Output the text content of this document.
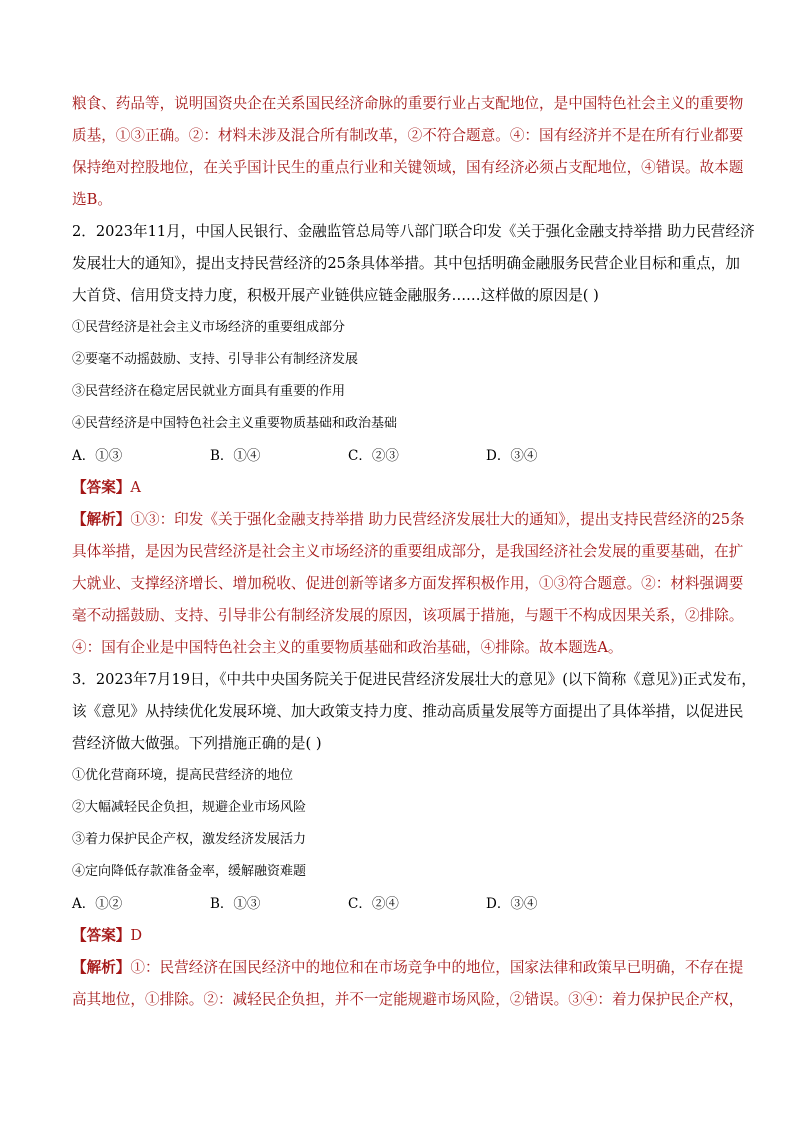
粮食、药品等，说明国资央企在关系国民经济命脉的重要行业占支配地位，是中国特色社会主义的重要物

质基，①③正确。②：材料未涉及混合所有制改革，②不符合题意。④：国有经济并不是在所有行业都要

保持绝对控股地位，在关乎国计民生的重点行业和关键领域，国有经济必须占支配地位，④错误。故本题

选B。

2．2023年11月，中国人民银行、金融监管总局等八部门联合印发《关于强化金融支持举措 助力民营经济

发展壮大的通知》，提出支持民营经济的25条具体举措。其中包括明确金融服务民营企业目标和重点，加

大首贷、信用贷支持力度，积极开展产业链供应链金融服务……这样做的原因是( )

①民营经济是社会主义市场经济的重要组成部分

②要毫不动摇鼓励、支持、引导非公有制经济发展

③民营经济在稳定居民就业方面具有重要的作用

④民营经济是中国特色社会主义重要物质基础和政治基础

A．①③	B．①④	C．②③	D．③④

【答案】A

【解析】①③：印发《关于强化金融支持举措 助力民营经济发展壮大的通知》，提出支持民营经济的25条

具体举措，是因为民营经济是社会主义市场经济的重要组成部分，是我国经济社会发展的重要基础，在扩

大就业、支撑经济增长、增加税收、促进创新等诸多方面发挥积极作用，①③符合题意。②：材料强调要

毫不动摇鼓励、支持、引导非公有制经济发展的原因，该项属于措施，与题干不构成因果关系，②排除。

④：国有企业是中国特色社会主义的重要物质基础和政治基础，④排除。故本题选A。

3．2023年7月19日，《中共中央国务院关于促进民营经济发展壮大的意见》(以下简称《意见》)正式发布，

该《意见》从持续优化发展环境、加大政策支持力度、推动高质量发展等方面提出了具体举措，以促进民

营经济做大做强。下列措施正确的是( )

①优化营商环境，提高民营经济的地位

②大幅减轻民企负担，规避企业市场风险

③着力保护民企产权，激发经济发展活力

④定向降低存款准备金率，缓解融资难题

A．①②	B．①③	C．②④	D．③④

【答案】D

【解析】①：民营经济在国民经济中的地位和在市场竞争中的地位，国家法律和政策早已明确，不存在提

高其地位，①排除。②：减轻民企负担，并不一定能规避市场风险，②错误。③④：着力保护民企产权，
